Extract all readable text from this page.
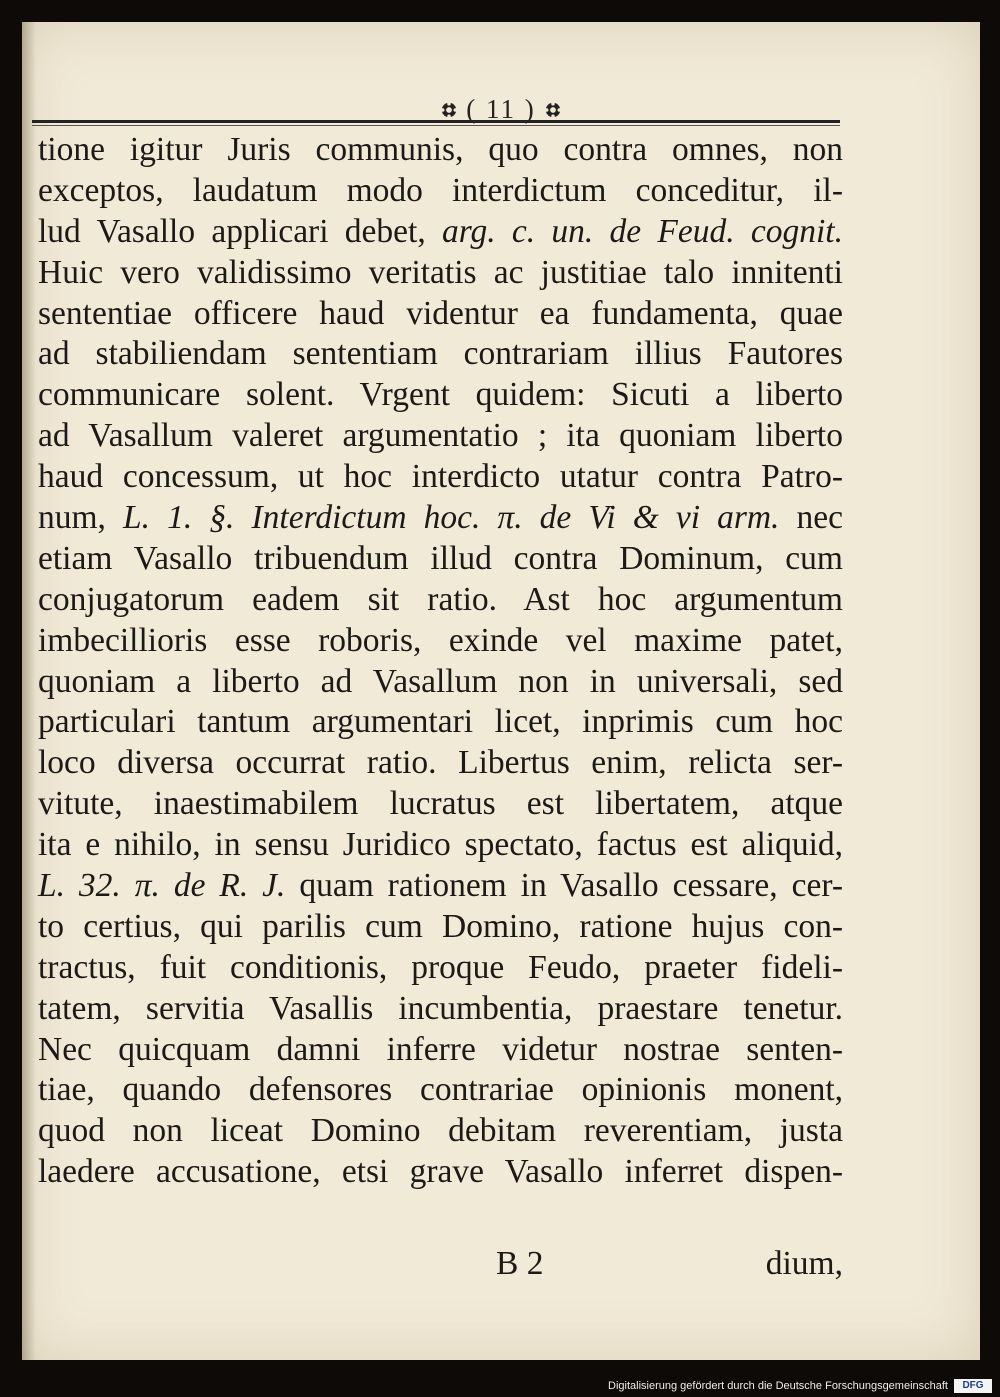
( 11 )
tione igitur Juris communis, quo contra omnes, non
exceptos, laudatum modo interdictum conceditur, il-
lud Vasallo applicari debet, arg. c. un. de Feud. cognit.
Huic vero validissimo veritatis ac justitiae talo innitenti
sententiae officere haud videntur ea fundamenta, quae
ad stabiliendam sententiam contrariam illius Fautores
communicare solent. Vrgent quidem: Sicuti a liberto
ad Vasallum valeret argumentatio ; ita quoniam liberto
haud concessum, ut hoc interdicto utatur contra Patro-
num, L. 1. §. Interdictum hoc. π. de Vi & vi arm. nec
etiam Vasallo tribuendum illud contra Dominum, cum
conjugatorum eadem sit ratio. Ast hoc argumentum
imbecillioris esse roboris, exinde vel maxime patet,
quoniam a liberto ad Vasallum non in universali, sed
particulari tantum argumentari licet, inprimis cum hoc
loco diversa occurrat ratio. Libertus enim, relicta ser-
vitute, inaestimabilem lucratus est libertatem, atque
ita e nihilo, in sensu Juridico spectato, factus est aliquid,
L. 32. π. de R. J. quam rationem in Vasallo cessare, cer-
to certius, qui parilis cum Domino, ratione hujus con-
tractus, fuit conditionis, proque Feudo, praeter fideli-
tatem, servitia Vasallis incumbentia, praestare tenetur.
Nec quicquam damni inferre videtur nostrae senten-
tiae, quando defensores contrariae opinionis monent,
quod non liceat Domino debitam reverentiam, justa
laedere accusatione, etsi grave Vasallo inferret dispen-
B 2	dium,
Digitalisierung gefördert durch die Deutsche Forschungsgemeinschaft	DFG
